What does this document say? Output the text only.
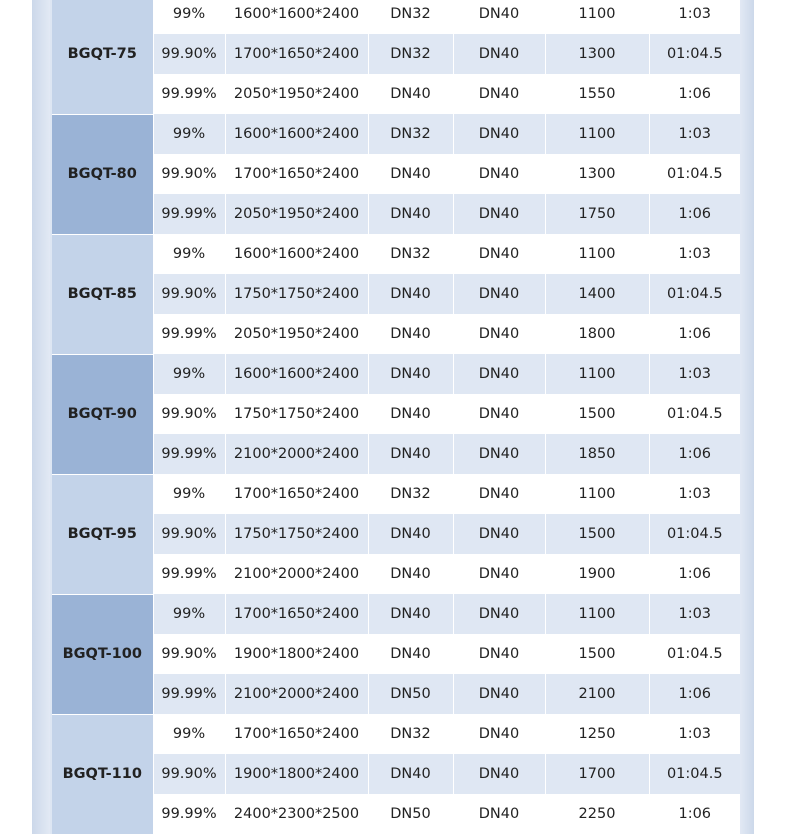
BGQT-75	99%	1600*1600*2400	DN32	DN40	1100	1:03
	99.90%	1700*1650*2400	DN32	DN40	1300	01:04.5
	99.99%	2050*1950*2400	DN40	DN40	1550	1:06
BGQT-80	99%	1600*1600*2400	DN32	DN40	1100	1:03
	99.90%	1700*1650*2400	DN40	DN40	1300	01:04.5
	99.99%	2050*1950*2400	DN40	DN40	1750	1:06
BGQT-85	99%	1600*1600*2400	DN32	DN40	1100	1:03
	99.90%	1750*1750*2400	DN40	DN40	1400	01:04.5
	99.99%	2050*1950*2400	DN40	DN40	1800	1:06
BGQT-90	99%	1600*1600*2400	DN40	DN40	1100	1:03
	99.90%	1750*1750*2400	DN40	DN40	1500	01:04.5
	99.99%	2100*2000*2400	DN40	DN40	1850	1:06
BGQT-95	99%	1700*1650*2400	DN32	DN40	1100	1:03
	99.90%	1750*1750*2400	DN40	DN40	1500	01:04.5
	99.99%	2100*2000*2400	DN40	DN40	1900	1:06
BGQT-100	99%	1700*1650*2400	DN40	DN40	1100	1:03
	99.90%	1900*1800*2400	DN40	DN40	1500	01:04.5
	99.99%	2100*2000*2400	DN50	DN40	2100	1:06
BGQT-110	99%	1700*1650*2400	DN32	DN40	1250	1:03
	99.90%	1900*1800*2400	DN40	DN40	1700	01:04.5
	99.99%	2400*2300*2500	DN50	DN40	2250	1:06
